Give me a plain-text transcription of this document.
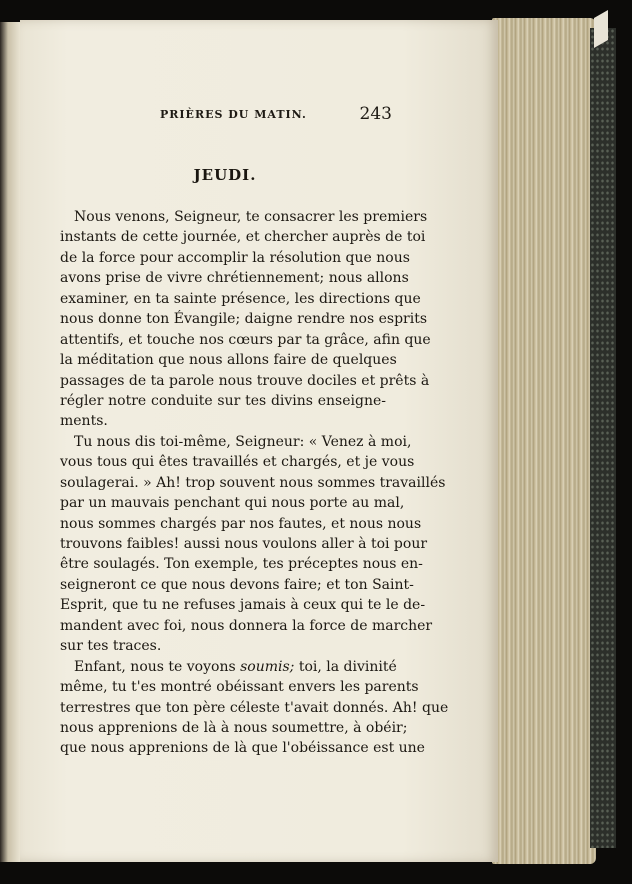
PRIÈRES DU MATIN.	243
JEUDI.
Nous venons, Seigneur, te consacrer les premiers
instants de cette journée, et chercher auprès de toi
de la force pour accomplir la résolution que nous
avons prise de vivre chrétiennement; nous allons
examiner, en ta sainte présence, les directions que
nous donne ton Évangile; daigne rendre nos esprits
attentifs, et touche nos cœurs par ta grâce, afin que
la méditation que nous allons faire de quelques
passages de ta parole nous trouve dociles et prêts à
régler notre conduite sur tes divins enseigne-
ments.
Tu nous dis toi-même, Seigneur: « Venez à moi,
vous tous qui êtes travaillés et chargés, et je vous
soulagerai. » Ah! trop souvent nous sommes travaillés
par un mauvais penchant qui nous porte au mal,
nous sommes chargés par nos fautes, et nous nous
trouvons faibles! aussi nous voulons aller à toi pour
être soulagés. Ton exemple, tes préceptes nous en-
seigneront ce que nous devons faire; et ton Saint-
Esprit, que tu ne refuses jamais à ceux qui te le de-
mandent avec foi, nous donnera la force de marcher
sur tes traces.
Enfant, nous te voyons soumis; toi, la divinité
même, tu t'es montré obéissant envers les parents
terrestres que ton père céleste t'avait donnés. Ah! que
nous apprenions de là à nous soumettre, à obéir;
que nous apprenions de là que l'obéissance est une
